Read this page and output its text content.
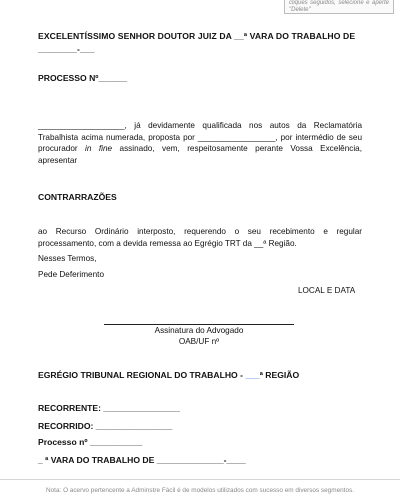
cliques seguidos, selecione e aperte "Delete"
EXCELENTÍSSIMO SENHOR DOUTOR JUIZ DA __ª VARA DO TRABALHO DE
________-___
PROCESSO Nº______
___________________, já devidamente qualificada nos autos da Reclamatória Trabalhista acima numerada, proposta por _________________, por intermédio de seu procurador in fine assinado, vem, respeitosamente perante Vossa Excelência, apresentar
CONTRARRAZÕES
ao Recurso Ordinário interposto, requerendo o seu recebimento e regular processamento, com a devida remessa ao Egrégio TRT da __ª Região.
Nesses Termos,
Pede Deferimento
LOCAL E DATA
Assinatura do Advogado
OAB/UF nº
EGRÉGIO TRIBUNAL REGIONAL DO TRABALHO - ___ª REGIÃO
RECORRENTE: ________________
RECORRIDO: ________________
Processo nº ___________
_ ª VARA DO TRABALHO DE ______________-____
Nota: O acervo pertencente a Adminstre Fácil é de modelos utilizados com sucesso em diversos segmentos.
